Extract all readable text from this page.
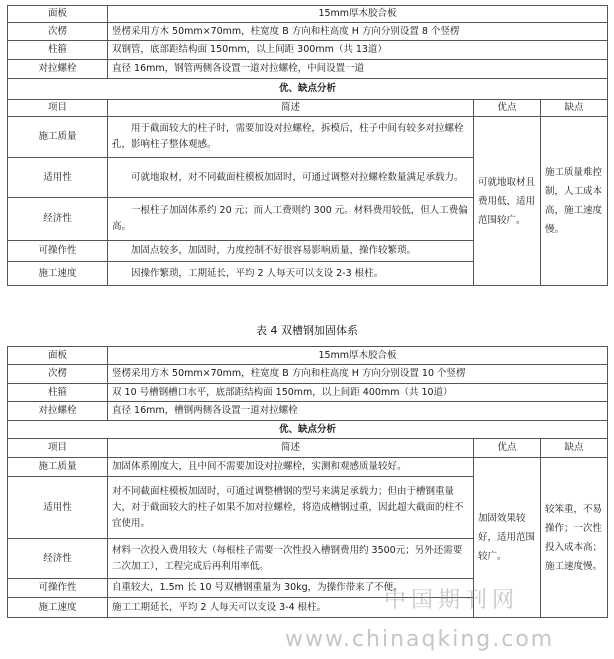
面板	15mm厚木胶合板		
次楞	竖楞采用方木 50mm×70mm，柱宽度 B 方向和柱高度 H 方向分别设置 8 个竖楞		
柱箍	双钢管，底部距结构面 150mm，以上间距 300mm（共 13道）		
对拉螺栓	直径 16mm，钢管两侧各设置一道对拉螺栓，中间设置一道		
优、缺点分析			
项目	简述	优点	缺点
施工质量	用于截面较大的柱子时，需要加设对拉螺栓，拆模后，柱子中间有较多对拉螺栓孔，影响柱子整体观感。	可就地取材且费用低，适用范围较广。	施工质量难控制，人工成本高，施工速度慢。
适用性	可就地取材，对不同截面柱模板加固时，可通过调整对拉螺栓数量满足承载力。		
经济性	一根柱子加固体系约 20 元；而人工费则约 300 元。材料费用较低，但人工费偏高。		
可操作性	加固点较多，加固时，力度控制不好很容易影响质量，操作较繁琐。		
施工速度	因操作繁琐，工期延长，平均 2 人每天可以支设 2-3 根柱。		
表 4 双槽钢加固体系
面板	15mm厚木胶合板		
次楞	竖楞采用方木 50mm×70mm，柱宽度 B 方向和柱高度 H 方向分别设置 10 个竖楞		
柱箍	双 10 号槽钢槽口水平，底部距结构面 150mm，以上间距 400mm（共 10道）		
对拉螺栓	直径 16mm，槽钢两侧各设置一道对拉螺栓		
优、缺点分析			
项目	简述	优点	缺点
施工质量	加固体系刚度大，且中间不需要加设对拉螺栓，实测和观感质量较好。	加固效果较好，适用范围较广。	较笨重，不易操作；一次性投入成本高；施工速度慢。
适用性	对不同截面柱模板加固时，可通过调整槽钢的型号来满足承载力；但由于槽钢重量大，对于截面较大的柱子如果不加对拉螺栓，将造成槽钢过重，因此超大截面的柱不宜使用。		
经济性	材料一次投入费用较大（每根柱子需要一次性投入槽钢费用约 3500元；另外还需要二次加工），工程完成后再利用率低。		
可操作性	自重较大，1.5m 长 10 号双槽钢重量为 30kg，为操作带来了不便。		
施工速度	施工工期延长，平均 2 人每天可以支设 3-4 根柱。			中国期刊网
www.chinaqking.com
